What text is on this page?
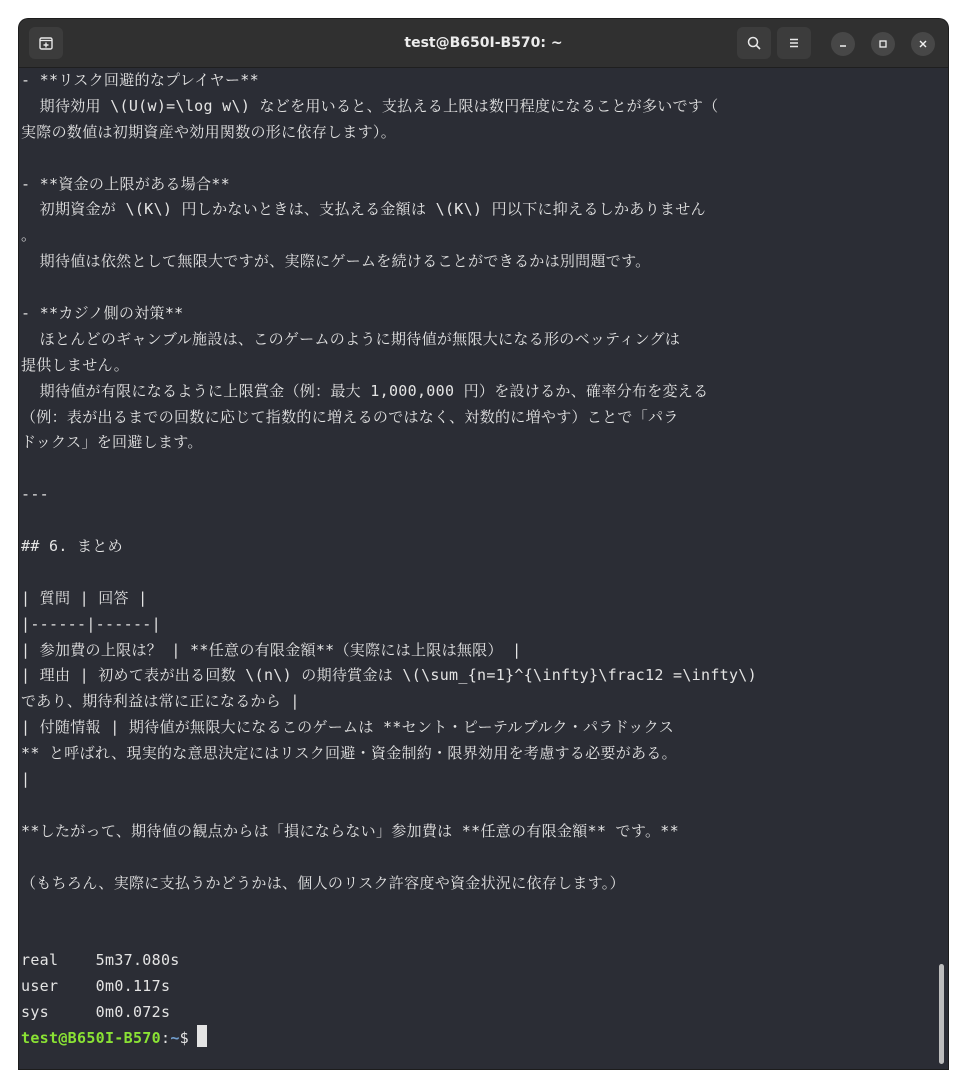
test@B650I-B570: ~
- **リスク回避的なプレイヤー**
期待効用 \(U(w)=\log w\) などを用いると、支払える上限は数円程度になることが多いです（
実際の数値は初期資産や効用関数の形に依存します）。
- **資金の上限がある場合**
初期資金が \(K\) 円しかないときは、支払える金額は \(K\) 円以下に抑えるしかありません
。
期待値は依然として無限大ですが、実際にゲームを続けることができるかは別問題です。
- **カジノ側の対策**
ほとんどのギャンブル施設は、このゲームのように期待値が無限大になる形のベッティングは
提供しません。
期待値が有限になるように上限賞金（例：最大 1,000,000 円）を設けるか、確率分布を変える
（例：表が出るまでの回数に応じて指数的に増えるのではなく、対数的に増やす）ことで「パラ
ドックス」を回避します。
---
## 6. まとめ
| 質問 | 回答 |
|------|------|
| 参加費の上限は？ | **任意の有限金額**（実際には上限は無限） |
| 理由 | 初めて表が出る回数 \(n\) の期待賞金は \(\sum_{n=1}^{\infty}\frac12 =\infty\)
であり、期待利益は常に正になるから |
| 付随情報 | 期待値が無限大になるこのゲームは **セント・ピーテルブルク・パラドックス
** と呼ばれ、現実的な意思決定にはリスク回避・資金制約・限界効用を考慮する必要がある。
|
**したがって、期待値の観点からは「損にならない」参加費は **任意の有限金額** です。**
（もちろん、実際に支払うかどうかは、個人のリスク許容度や資金状況に依存します。）
real	5m37.080s
user	0m0.117s
sys	0m0.072s
test@B650I-B570:~$
